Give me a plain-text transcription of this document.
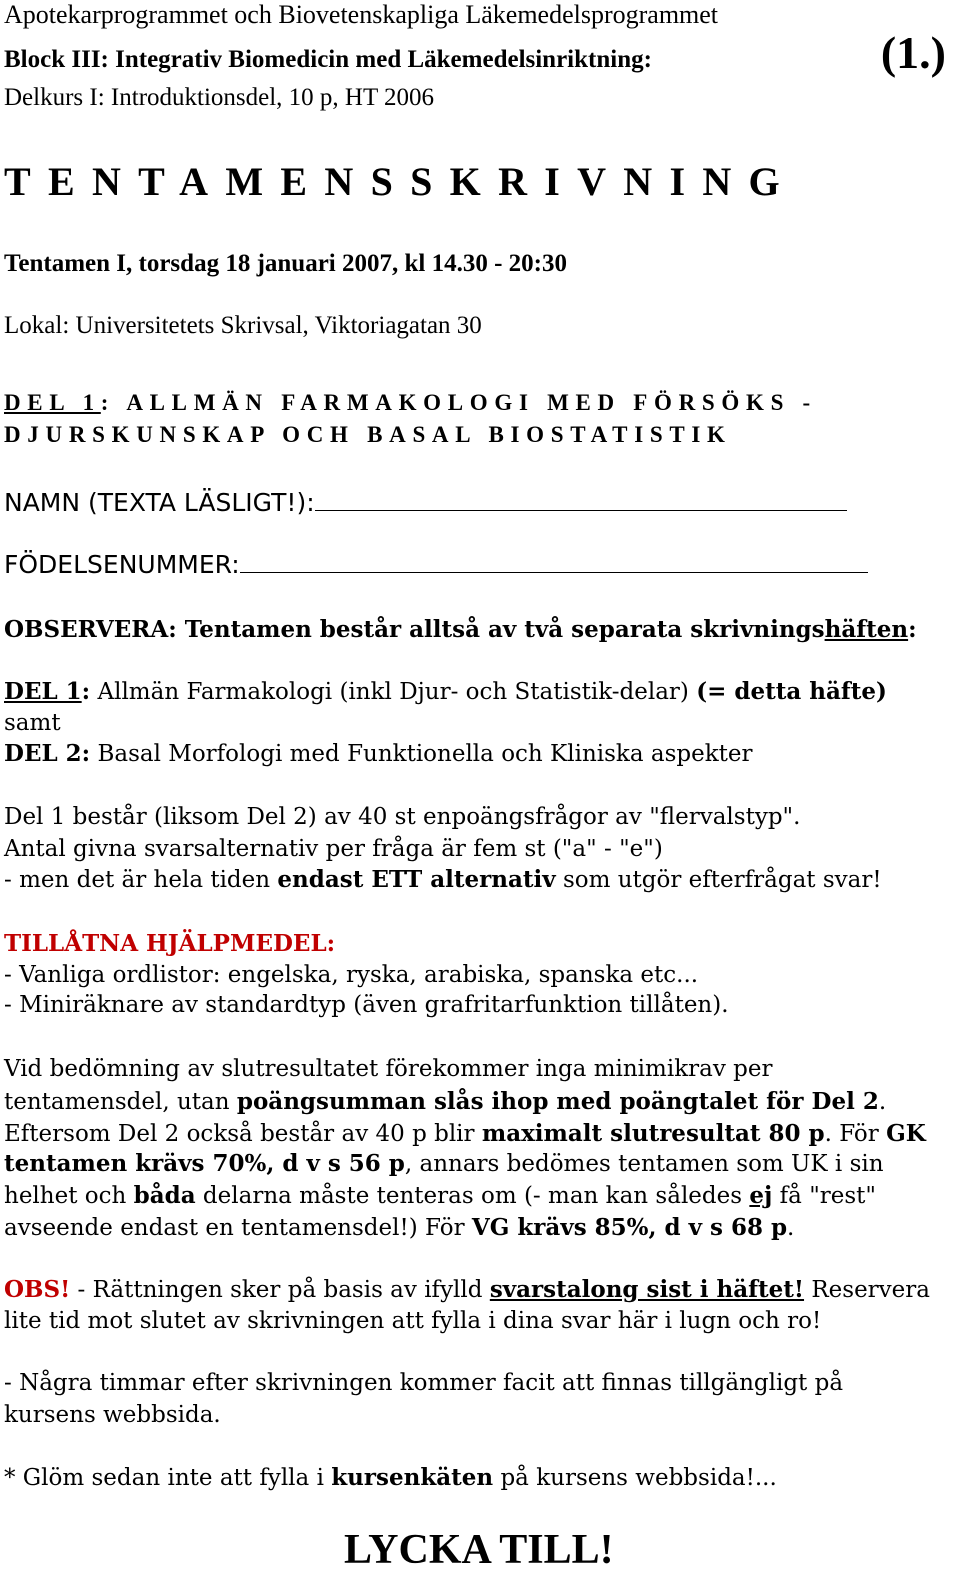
Apotekarprogrammet och Biovetenskapliga Läkemedelsprogrammet
Block III: Integrativ Biomedicin med Läkemedelsinriktning:
Delkurs I: Introduktionsdel, 10 p, HT 2006
(1.)
TENTAMENSSKRIVNING
Tentamen I, torsdag 18 januari 2007, kl 14.30 - 20:30
Lokal: Universitetets Skrivsal, Viktoriagatan 30
DEL 1: ALLMÄN FARMAKOLOGI MED FÖRSÖKS -
DJURSKUNSKAP OCH BASAL BIOSTATISTIK
NAMN (TEXTA LÄSLIGT!):
FÖDELSENUMMER:
OBSERVERA: Tentamen består alltså av två separata skrivningshäften:
DEL 1: Allmän Farmakologi (inkl Djur- och Statistik-delar) (= detta häfte)
samt
DEL 2: Basal Morfologi med Funktionella och Kliniska aspekter
Del 1 består (liksom Del 2) av 40 st enpoängsfrågor av "flervalstyp".
Antal givna svarsalternativ per fråga är fem st ("a" - "e")
- men det är hela tiden endast ETT alternativ som utgör efterfrågat svar!
TILLÅTNA HJÄLPMEDEL:
- Vanliga ordlistor: engelska, ryska, arabiska, spanska etc...
- Miniräknare av standardtyp (även grafritarfunktion tillåten).
Vid bedömning av slutresultatet förekommer inga minimikrav per
tentamensdel, utan poängsumman slås ihop med poängtalet för Del 2.
Eftersom Del 2 också består av 40 p blir maximalt slutresultat 80 p. För GK
tentamen krävs 70%, d v s 56 p, annars bedömes tentamen som UK i sin
helhet och båda delarna måste tenteras om (- man kan således ej få "rest"
avseende endast en tentamensdel!) För VG krävs 85%, d v s 68 p.
OBS! - Rättningen sker på basis av ifylld svarstalong sist i häftet! Reservera
lite tid mot slutet av skrivningen att fylla i dina svar här i lugn och ro!
- Några timmar efter skrivningen kommer facit att finnas tillgängligt på
kursens webbsida.
* Glöm sedan inte att fylla i kursenkäten på kursens webbsida!...
LYCKA TILL!
